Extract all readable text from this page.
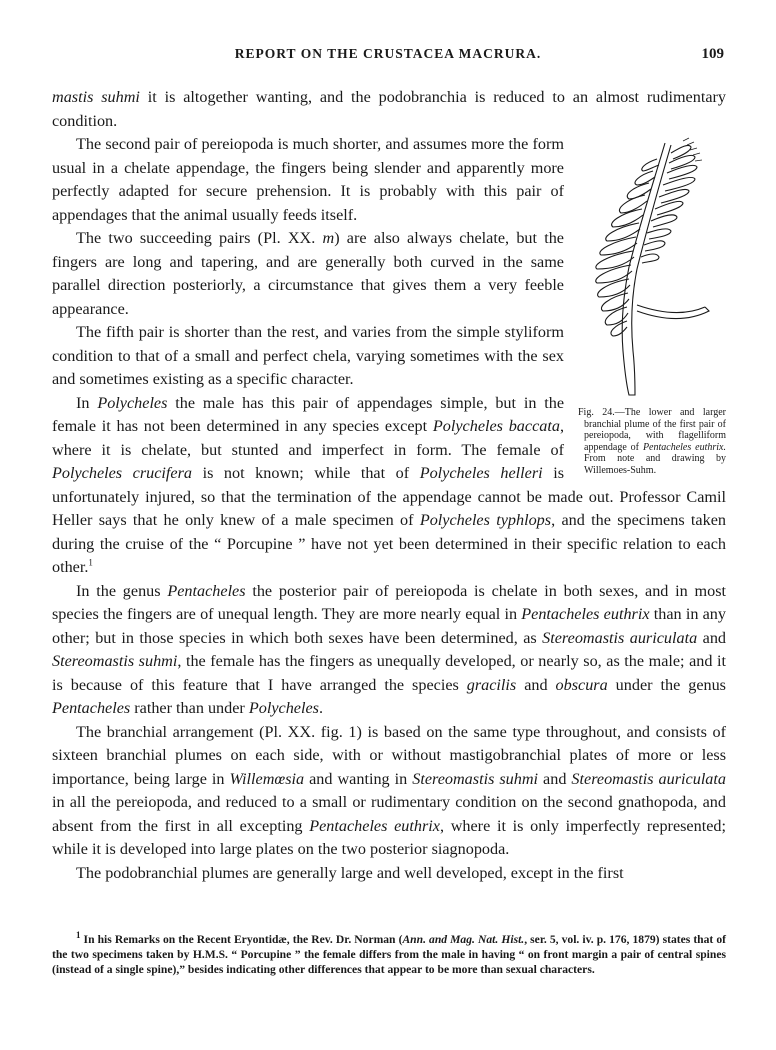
REPORT ON THE CRUSTACEA MACRURA.	109

mastis suhmi it is altogether wanting, and the podobranchia is reduced to an almost rudimentary condition.

Fig. 24.—The lower and larger branchial plume of the first pair of pereiopoda, with flagelliform appendage of Pentacheles euthrix. From note and drawing by Willemoes-Suhm.

The second pair of pereiopoda is much shorter, and assumes more the form usual in a chelate appendage, the fingers being slender and apparently more perfectly adapted for secure prehension. It is probably with this pair of appendages that the animal usually feeds itself.

The two succeeding pairs (Pl. XX. m) are also always chelate, but the fingers are long and tapering, and are generally both curved in the same parallel direction posteriorly, a circumstance that gives them a very feeble appearance.

The fifth pair is shorter than the rest, and varies from the simple styliform condition to that of a small and perfect chela, varying sometimes with the sex and sometimes existing as a specific character.

In Polycheles the male has this pair of appendages simple, but in the female it has not been determined in any species except Polycheles baccata, where it is chelate, but stunted and imperfect in form. The female of Polycheles crucifera is not known; while that of Polycheles helleri is unfortunately injured, so that the termination of the appendage cannot be made out. Professor Camil Heller says that he only knew of a male specimen of Polycheles typhlops, and the specimens taken during the cruise of the “ Porcupine ” have not yet been determined in their specific relation to each other.$^1$

In the genus Pentacheles the posterior pair of pereiopoda is chelate in both sexes, and in most species the fingers are of unequal length. They are more nearly equal in Pentacheles euthrix than in any other; but in those species in which both sexes have been determined, as Stereomastis auriculata and Stereomastis suhmi, the female has the fingers as unequally developed, or nearly so, as the male; and it is because of this feature that I have arranged the species gracilis and obscura under the genus Pentacheles rather than under Polycheles.

The branchial arrangement (Pl. XX. fig. 1) is based on the same type throughout, and consists of sixteen branchial plumes on each side, with or without mastigobranchial plates of more or less importance, being large in Willemœsia and wanting in Stereomastis suhmi and Stereomastis auriculata in all the pereiopoda, and reduced to a small or rudimentary condition on the second gnathopoda, and absent from the first in all excepting Pentacheles euthrix, where it is only imperfectly represented; while it is developed into large plates on the two posterior siagnopoda.

The podobranchial plumes are generally large and well developed, except in the first

$^1$ In his Remarks on the Recent Eryontidæ, the Rev. Dr. Norman (Ann. and Mag. Nat. Hist., ser. 5, vol. iv. p. 176, 1879) states that of the two specimens taken by H.M.S. “ Porcupine ” the female differs from the male in having “ on front margin a pair of central spines (instead of a single spine),” besides indicating other differences that appear to be more than sexual characters.
